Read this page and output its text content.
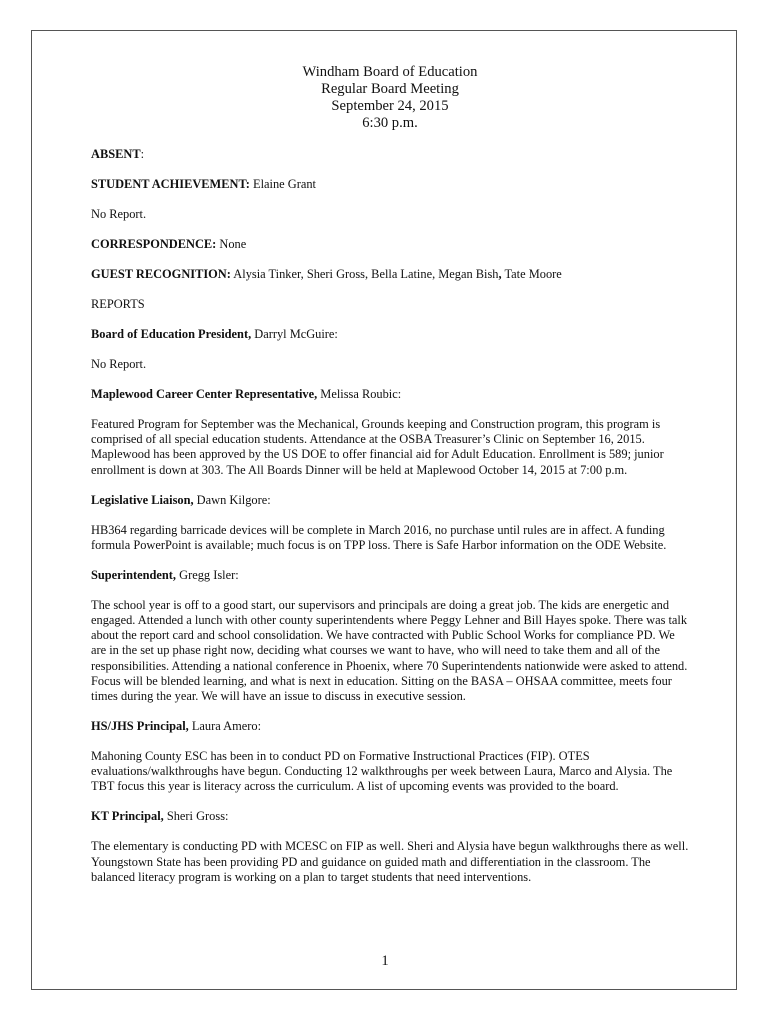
Windham Board of Education
Regular Board Meeting
September 24, 2015
6:30 p.m.

ABSENT:

STUDENT ACHIEVEMENT: Elaine Grant

No Report.

CORRESPONDENCE: None

GUEST RECOGNITION: Alysia Tinker, Sheri Gross, Bella Latine, Megan Bish, Tate Moore

REPORTS

Board of Education President, Darryl McGuire:

No Report.

Maplewood Career Center Representative, Melissa Roubic:

Featured Program for September was the Mechanical, Grounds keeping and Construction program, this program is comprised of all special education students. Attendance at the OSBA Treasurer’s Clinic on September 16, 2015. Maplewood has been approved by the US DOE to offer financial aid for Adult Education. Enrollment is 589; junior enrollment is down at 303. The All Boards Dinner will be held at Maplewood October 14, 2015 at 7:00 p.m.

Legislative Liaison, Dawn Kilgore:

HB364 regarding barricade devices will be complete in March 2016, no purchase until rules are in affect. A funding formula PowerPoint is available; much focus is on TPP loss. There is Safe Harbor information on the ODE Website.

Superintendent, Gregg Isler:

The school year is off to a good start, our supervisors and principals are doing a great job. The kids are energetic and engaged. Attended a lunch with other county superintendents where Peggy Lehner and Bill Hayes spoke. There was talk about the report card and school consolidation. We have contracted with Public School Works for compliance PD. We are in the set up phase right now, deciding what courses we want to have, who will need to take them and all of the responsibilities. Attending a national conference in Phoenix, where 70 Superintendents nationwide were asked to attend. Focus will be blended learning, and what is next in education. Sitting on the BASA – OHSAA committee, meets four times during the year. We will have an issue to discuss in executive session.

HS/JHS Principal, Laura Amero:

Mahoning County ESC has been in to conduct PD on Formative Instructional Practices (FIP). OTES evaluations/walkthroughs have begun. Conducting 12 walkthroughs per week between Laura, Marco and Alysia. The TBT focus this year is literacy across the curriculum. A list of upcoming events was provided to the board.

KT Principal, Sheri Gross:

The elementary is conducting PD with MCESC on FIP as well. Sheri and Alysia have begun walkthroughs there as well. Youngstown State has been providing PD and guidance on guided math and differentiation in the classroom. The balanced literacy program is working on a plan to target students that need interventions.

1
